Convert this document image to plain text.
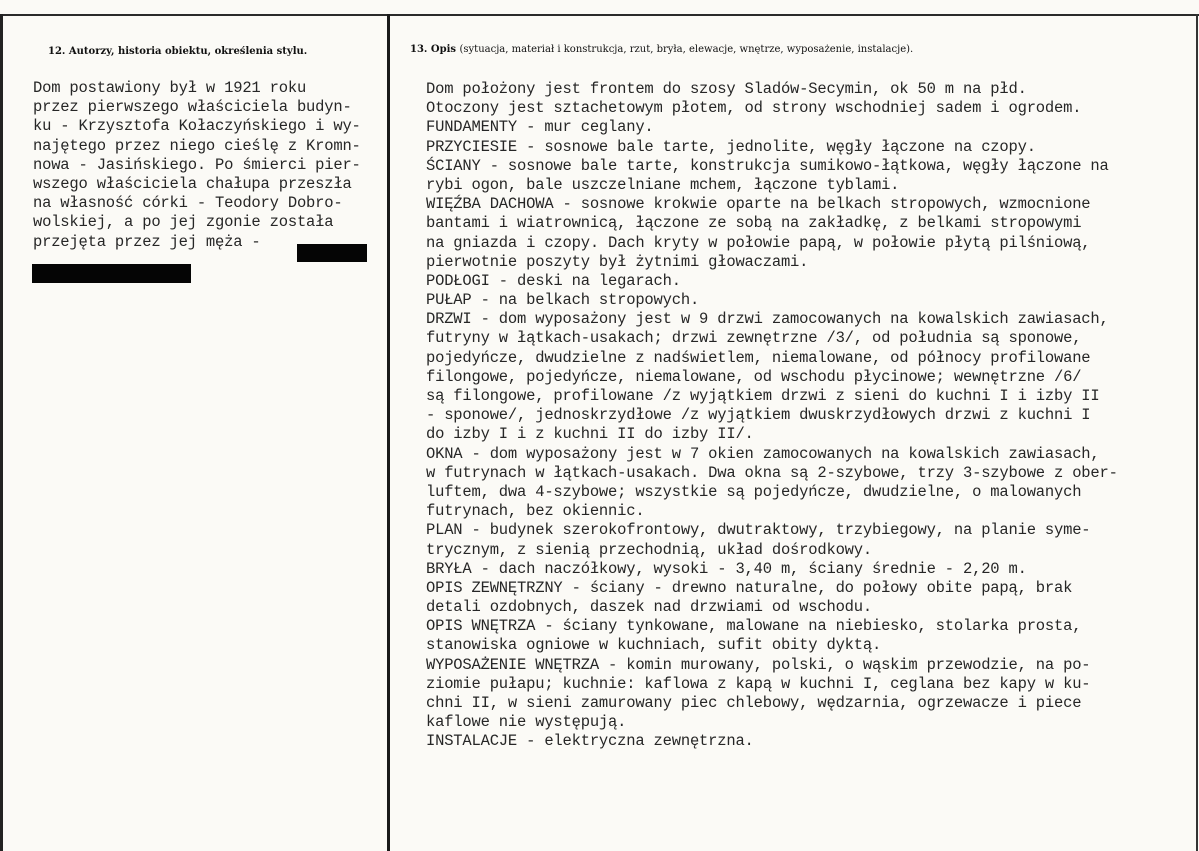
12. Autorzy, historia obiektu, określenia stylu.	13. Opis (sytuacja, materiał i konstrukcja, rzut, bryła, elewacje, wnętrze, wyposażenie, instalacje).
Dom postawiony był w 1921 roku
przez pierwszego właściciela budyn-
ku - Krzysztofa Kołaczyńskiego i wy-
najętego przez niego cieślę z Kromn-
nowa - Jasińskiego. Po śmierci pier-
wszego właściciela chałupa przeszła
na własność córki - Teodory Dobro-
wolskiej, a po jej zgonie została
przejęta przez jej męża -
Dom położony jest frontem do szosy Sladów-Secymin, ok 50 m na płd.
Otoczony jest sztachetowym płotem, od strony wschodniej sadem i ogrodem.
FUNDAMENTY - mur ceglany.
PRZYCIESIE - sosnowe bale tarte, jednolite, węgły łączone na czopy.
ŚCIANY - sosnowe bale tarte, konstrukcja sumikowo-łątkowa, węgły łączone na
rybi ogon, bale uszczelniane mchem, łączone tyblami.
WIĘŹBA DACHOWA - sosnowe krokwie oparte na belkach stropowych, wzmocnione
bantami i wiatrownicą, łączone ze sobą na zakładkę, z belkami stropowymi
na gniazda i czopy. Dach kryty w połowie papą, w połowie płytą pilśniową,
pierwotnie poszyty był żytnimi głowaczami.
PODŁOGI - deski na legarach.
PUŁAP - na belkach stropowych.
DRZWI - dom wyposażony jest w 9 drzwi zamocowanych na kowalskich zawiasach,
futryny w łątkach-usakach; drzwi zewnętrzne /3/, od południa są sponowe,
pojedyńcze, dwudzielne z nadświetlem, niemalowane, od północy profilowane
filongowe, pojedyńcze, niemalowane, od wschodu płycinowe; wewnętrzne /6/
są filongowe, profilowane /z wyjątkiem drzwi z sieni do kuchni I i izby II
- sponowe/, jednoskrzydłowe /z wyjątkiem dwuskrzydłowych drzwi z kuchni I
do izby I i z kuchni II do izby II/.
OKNA - dom wyposażony jest w 7 okien zamocowanych na kowalskich zawiasach,
w futrynach w łątkach-usakach. Dwa okna są 2-szybowe, trzy 3-szybowe z ober-
luftem, dwa 4-szybowe; wszystkie są pojedyńcze, dwudzielne, o malowanych
futrynach, bez okiennic.
PLAN - budynek szerokofrontowy, dwutraktowy, trzybiegowy, na planie syme-
trycznym, z sienią przechodnią, układ dośrodkowy.
BRYŁA - dach naczółkowy, wysoki - 3,40 m, ściany średnie - 2,20 m.
OPIS ZEWNĘTRZNY - ściany - drewno naturalne, do połowy obite papą, brak
detali ozdobnych, daszek nad drzwiami od wschodu.
OPIS WNĘTRZA - ściany tynkowane, malowane na niebiesko, stolarka prosta,
stanowiska ogniowe w kuchniach, sufit obity dyktą.
WYPOSAŻENIE WNĘTRZA - komin murowany, polski, o wąskim przewodzie, na po-
ziomie pułapu; kuchnie: kaflowa z kapą w kuchni I, ceglana bez kapy w ku-
chni II, w sieni zamurowany piec chlebowy, wędzarnia, ogrzewacze i piece
kaflowe nie występują.
INSTALACJE - elektryczna zewnętrzna.
